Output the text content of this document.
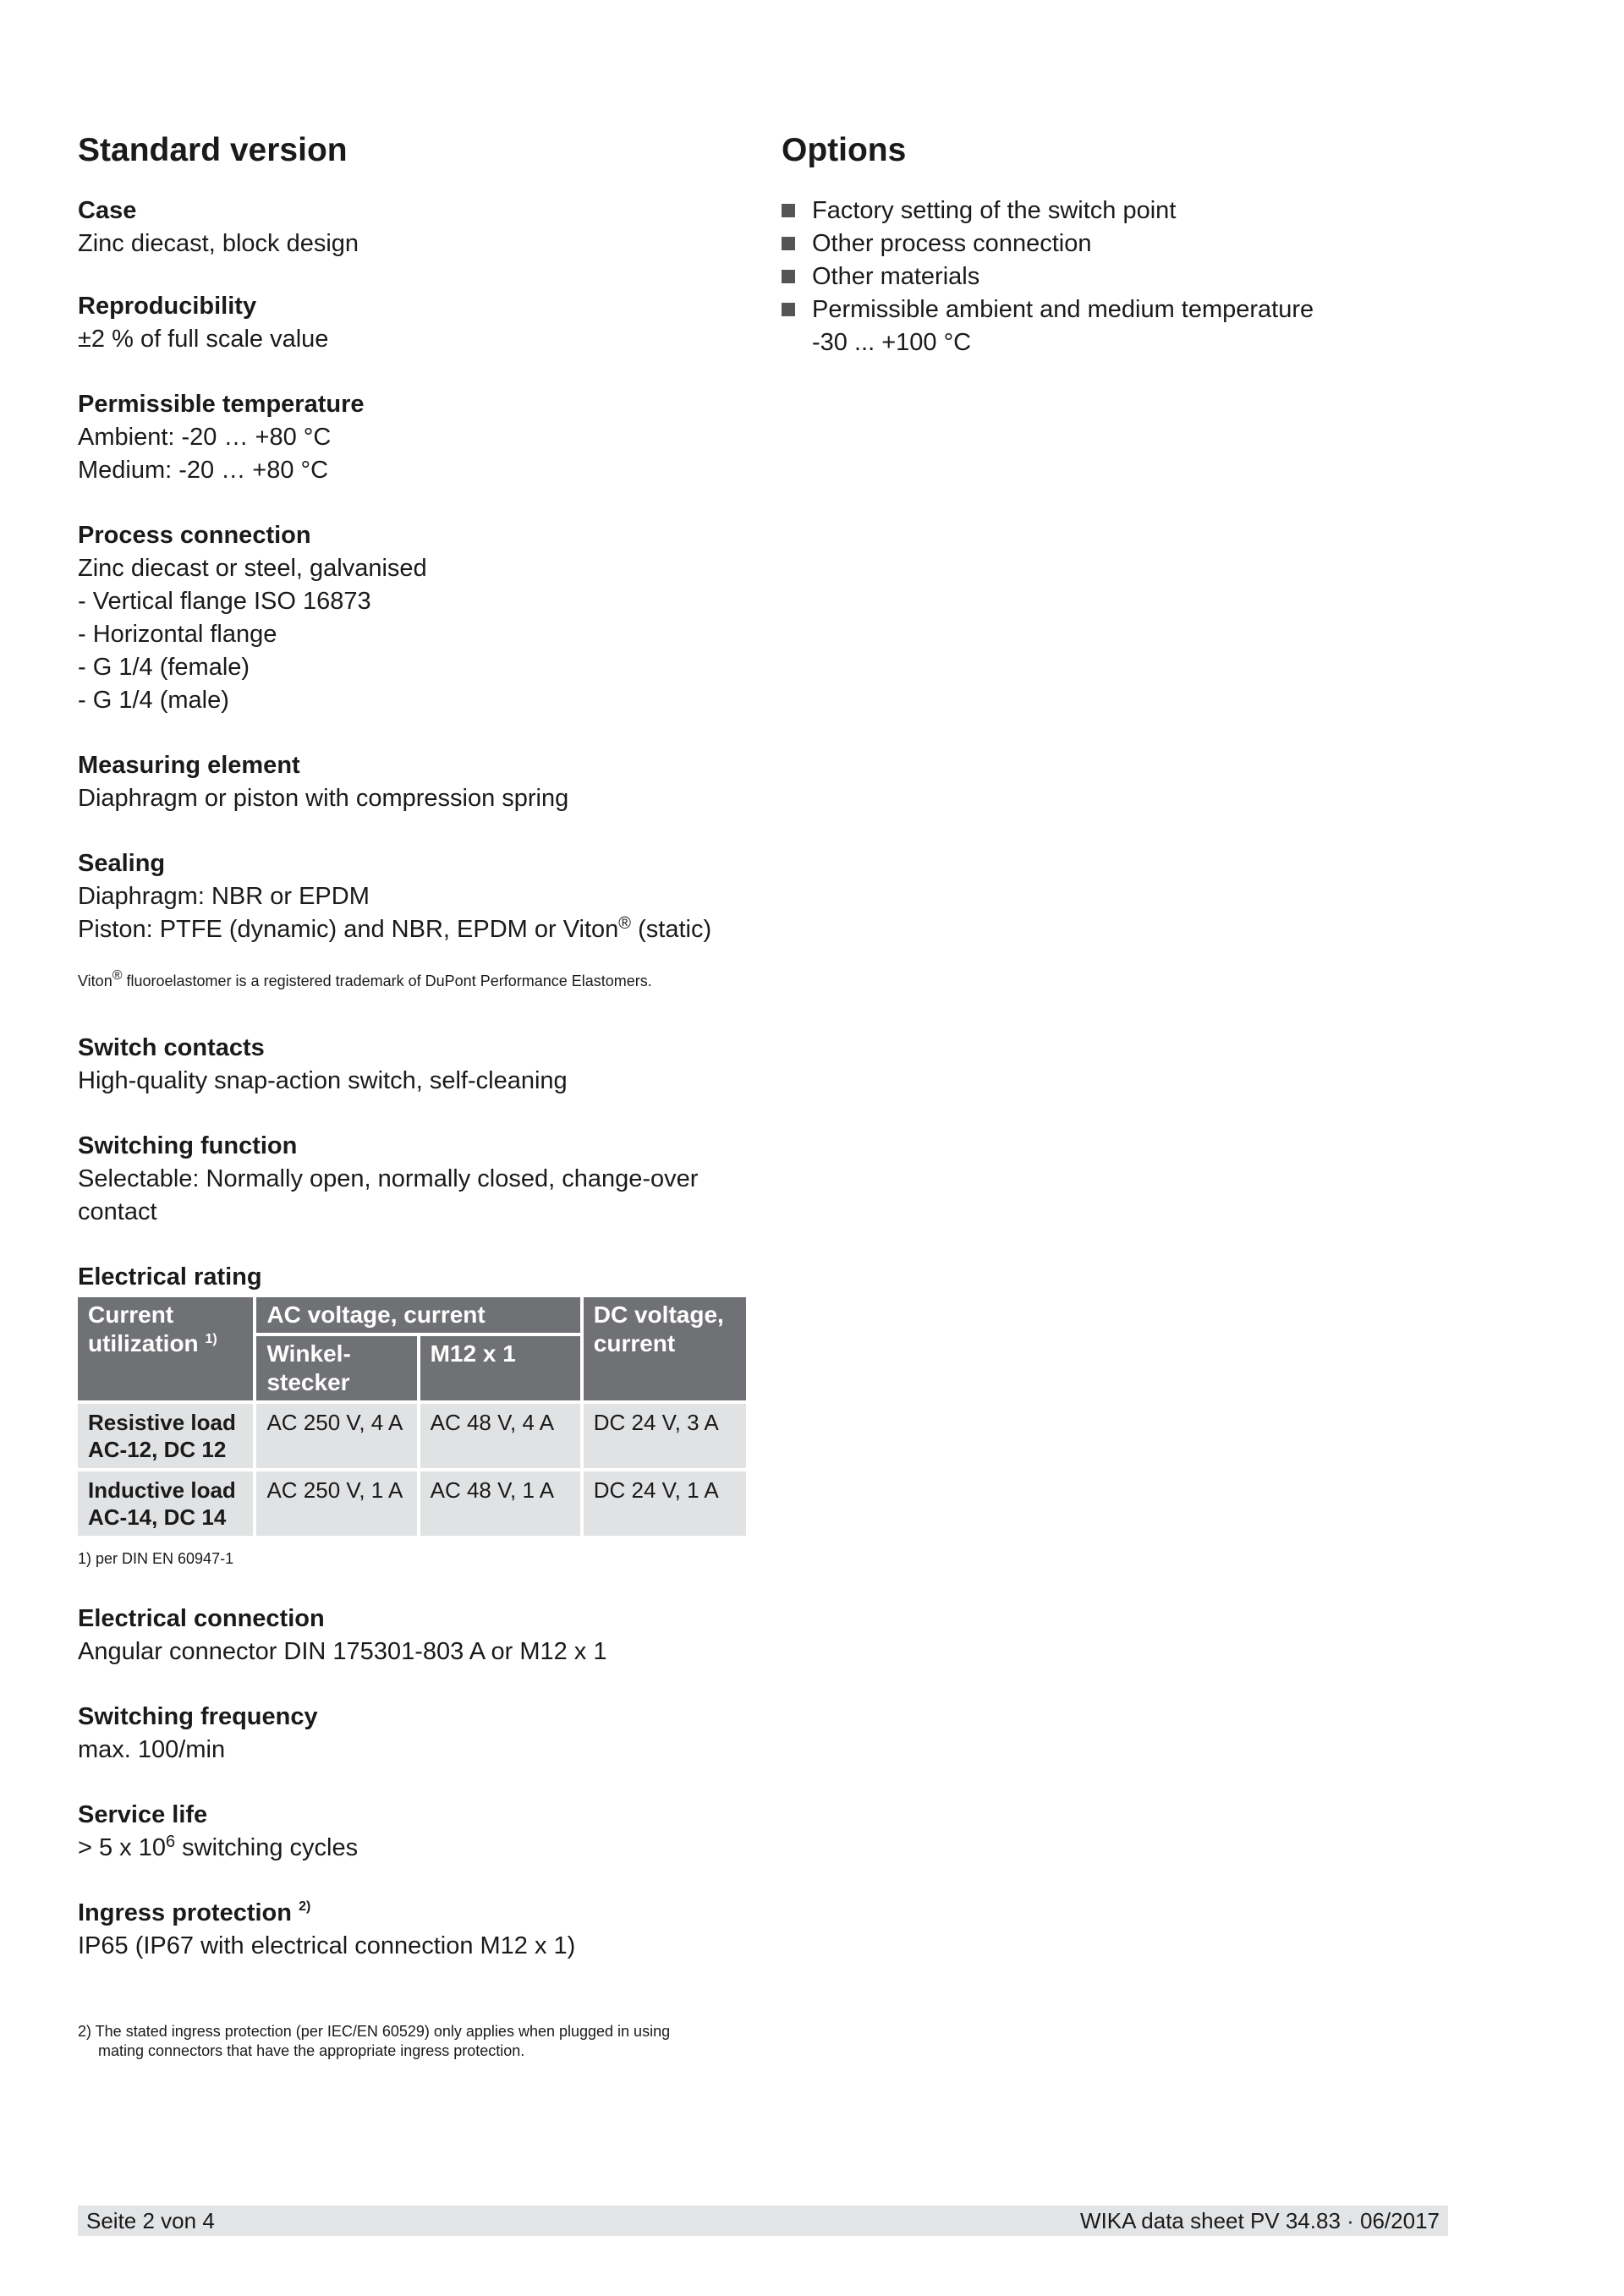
Standard version

Case

Zinc diecast, block design

Reproducibility

±2 % of full scale value

Permissible temperature

Ambient: -20 … +80 °C

Medium: -20 … +80 °C

Process connection

Zinc diecast or steel, galvanised

- Vertical flange ISO 16873

- Horizontal flange

- G 1/4 (female)

- G 1/4 (male)

Measuring element

Diaphragm or piston with compression spring

Sealing

Diaphragm: NBR or EPDM

Piston: PTFE (dynamic) and NBR, EPDM or Viton® (static)

Viton® fluoroelastomer is a registered trademark of DuPont Performance Elastomers.

Switch contacts

High-quality snap-action switch, self-cleaning

Switching function

Selectable: Normally open, normally closed, change-over contact

Electrical rating

Current utilization $^{1)}$	AC voltage, current		DC voltage, current
	Winkel-stecker	M12 x 1	
Resistive load AC-12, DC 12	AC 250 V, 4 A	AC 48 V, 4 A	DC 24 V, 3 A
Inductive load AC-14, DC 14	AC 250 V, 1 A	AC 48 V, 1 A	DC 24 V, 1 A

1) per DIN EN 60947-1

Electrical connection

Angular connector DIN 175301-803 A or M12 x 1

Switching frequency

max. 100/min

Service life

> 5 x $10^6$ switching cycles

Ingress protection $^{2)}$

IP65 (IP67 with electrical connection M12 x 1)

2) The stated ingress protection (per IEC/EN 60529) only applies when plugged in using

mating connectors that have the appropriate ingress protection.

Options
Factory setting of the switch point
Other process connection
Other materials
Permissible ambient and medium temperature
-30 ... +100 °C
Seite 2 von 4	WIKA data sheet PV 34.83 · 06/2017
